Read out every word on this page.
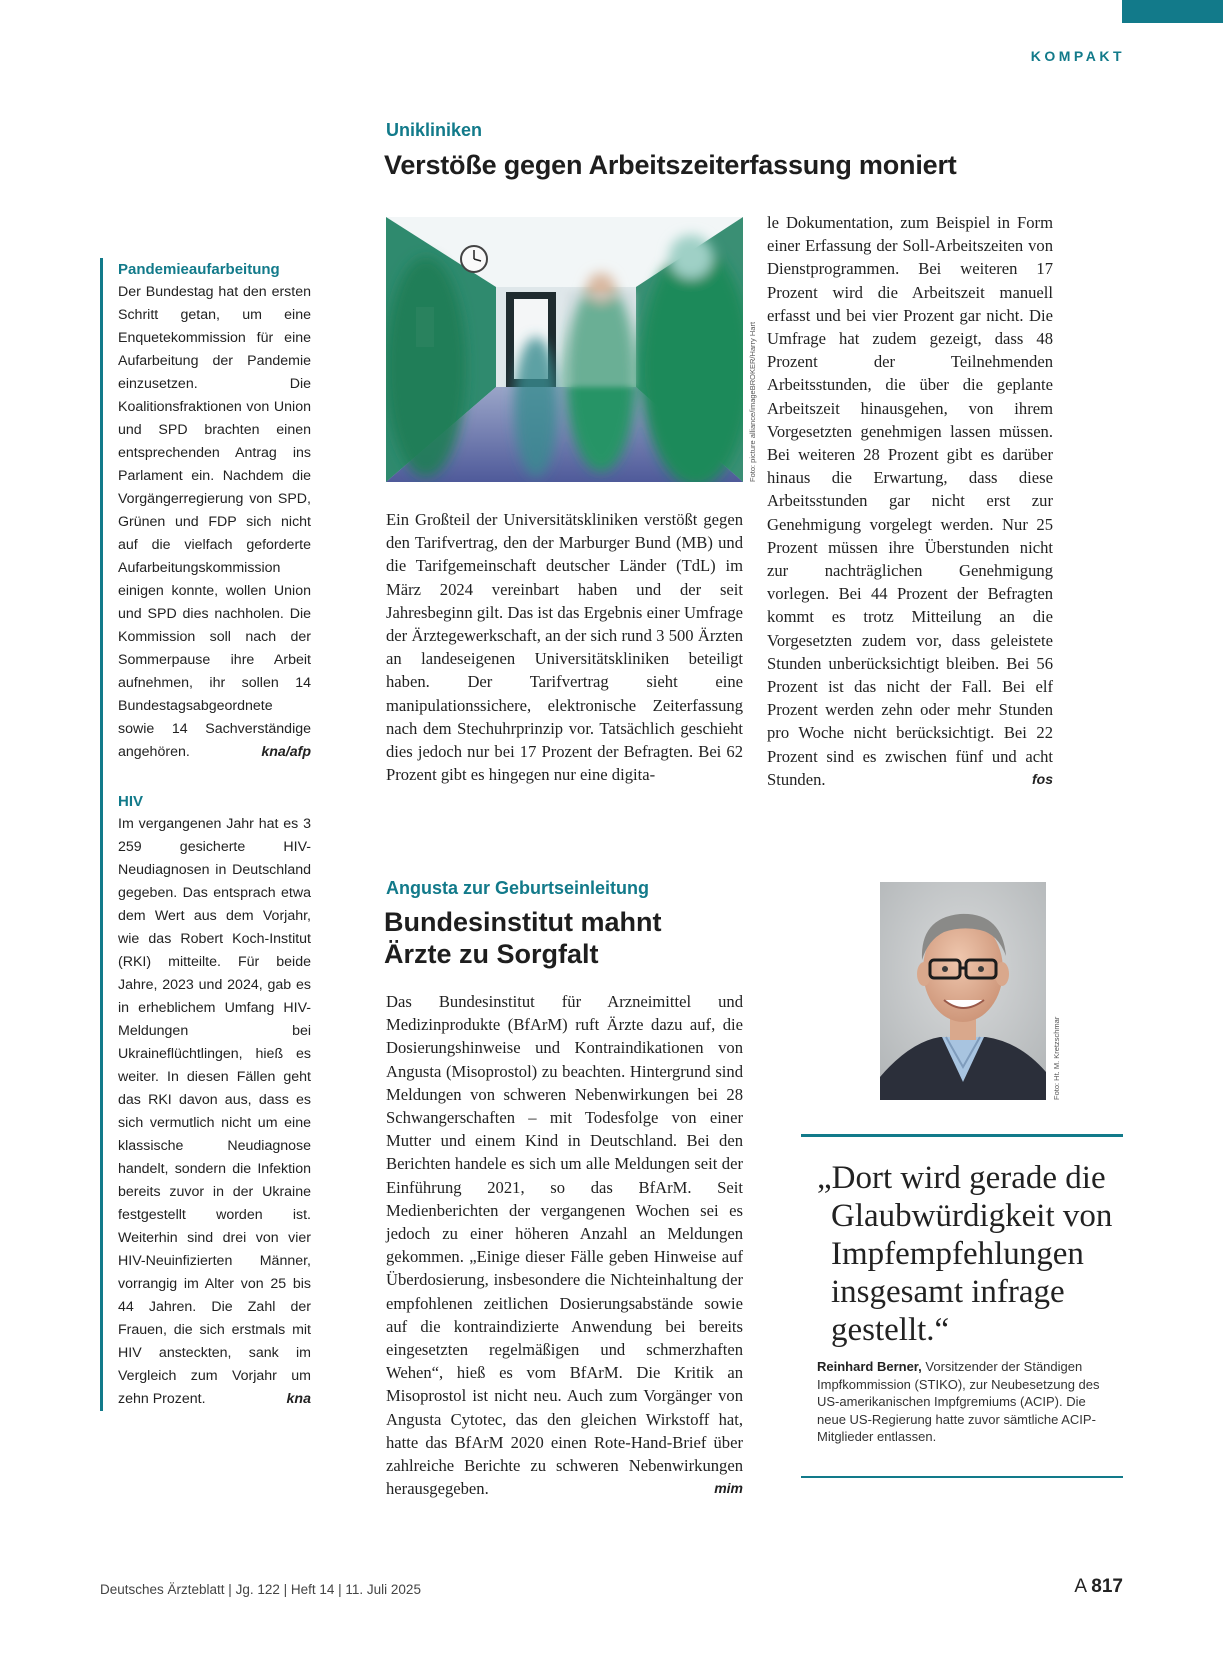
KOMPAKT
Pandemieaufarbeitung
Der Bundestag hat den ersten Schritt getan, um eine Enquetekommission für eine Aufarbeitung der Pandemie einzusetzen. Die Koalitionsfraktionen von Union und SPD brachten einen entsprechenden Antrag ins Parlament ein. Nachdem die Vorgängerregierung von SPD, Grünen und FDP sich nicht auf die vielfach geforderte Aufarbeitungskommission einigen konnte, wollen Union und SPD dies nachholen. Die Kommission soll nach der Sommerpause ihre Arbeit aufnehmen, ihr sollen 14 Bundestagsabgeordnete sowie 14 Sachverständige angehören.	kna/afp
HIV
Im vergangenen Jahr hat es 3 259 gesicherte HIV-Neudiagnosen in Deutschland gegeben. Das entsprach etwa dem Wert aus dem Vorjahr, wie das Robert Koch-Institut (RKI) mitteilte. Für beide Jahre, 2023 und 2024, gab es in erheblichem Umfang HIV-Meldungen bei Ukraineflüchtlingen, hieß es weiter. In diesen Fällen geht das RKI davon aus, dass es sich vermutlich nicht um eine klassische Neudiagnose handelt, sondern die Infektion bereits zuvor in der Ukraine festgestellt worden ist. Weiterhin sind drei von vier HIV-Neuinfizierten Männer, vorrangig im Alter von 25 bis 44 Jahren. Die Zahl der Frauen, die sich erstmals mit HIV ansteckten, sank im Vergleich zum Vorjahr um zehn Prozent.	kna
Unikliniken
Verstöße gegen Arbeitszeiterfassung moniert
Foto: picture alliance/imageBROKER/Harry Hart
Ein Großteil der Universitätskliniken verstößt gegen den Tarifvertrag, den der Marburger Bund (MB) und die Tarifgemeinschaft deutscher Länder (TdL) im März 2024 vereinbart haben und der seit Jahresbeginn gilt. Das ist das Ergebnis einer Umfrage der Ärztegewerkschaft, an der sich rund 3 500 Ärzten an landeseigenen Universitätskliniken beteiligt haben. Der Tarifvertrag sieht eine manipulationssichere, elektronische Zeiterfassung nach dem Stechuhrprinzip vor. Tatsächlich geschieht dies jedoch nur bei 17 Prozent der Befragten. Bei 62 Prozent gibt es hingegen nur eine digita-
le Dokumentation, zum Beispiel in Form einer Erfassung der Soll-Arbeitszeiten von Dienstprogrammen. Bei weiteren 17 Prozent wird die Arbeitszeit manuell erfasst und bei vier Prozent gar nicht. Die Umfrage hat zudem gezeigt, dass 48 Prozent der Teilnehmenden Arbeitsstunden, die über die geplante Arbeitszeit hinausgehen, von ihrem Vorgesetzten genehmigen lassen müssen. Bei weiteren 28 Prozent gibt es darüber hinaus die Erwartung, dass diese Arbeitsstunden gar nicht erst zur Genehmigung vorgelegt werden. Nur 25 Prozent müssen ihre Überstunden nicht zur nachträglichen Genehmigung vorlegen. Bei 44 Prozent der Befragten kommt es trotz Mitteilung an die Vorgesetzten zudem vor, dass geleistete Stunden unberücksichtigt bleiben. Bei 56 Prozent ist das nicht der Fall. Bei elf Prozent werden zehn oder mehr Stunden pro Woche nicht berücksichtigt. Bei 22 Prozent sind es zwischen fünf und acht Stunden.	fos
Angusta zur Geburtseinleitung
Bundesinstitut mahnt
Ärzte zu Sorgfalt
Das Bundesinstitut für Arzneimittel und Medizinprodukte (BfArM) ruft Ärzte dazu auf, die Dosierungshinweise und Kontraindikationen von Angusta (Misoprostol) zu beachten. Hintergrund sind Meldungen von schweren Nebenwirkungen bei 28 Schwangerschaften – mit Todesfolge von einer Mutter und einem Kind in Deutschland. Bei den Berichten handele es sich um alle Meldungen seit der Einführung 2021, so das BfArM. Seit Medienberichten der vergangenen Wochen sei es jedoch zu einer höheren Anzahl an Meldungen gekommen. „Einige dieser Fälle geben Hinweise auf Überdosierung, insbesondere die Nichteinhaltung der empfohlenen zeitlichen Dosierungsabstände sowie auf die kontraindizierte Anwendung bei bereits eingesetzten regelmäßigen und schmerzhaften Wehen“, hieß es vom BfArM. Die Kritik an Misoprostol ist nicht neu. Auch zum Vorgänger von Angusta Cytotec, das den gleichen Wirkstoff hat, hatte das BfArM 2020 einen Rote-Hand-Brief über zahlreiche Berichte zu schweren Nebenwirkungen herausgegeben.	mim
Foto: Ht. M. Kretzschmar
„Dort wird gerade die
Glaubwürdigkeit von
Impfempfehlungen
insgesamt infrage
gestellt.“
Reinhard Berner, Vorsitzender der Ständigen Impfkommission (STIKO), zur Neubesetzung des US-amerikanischen Impfgremiums (ACIP). Die neue US-Regierung hatte zuvor sämtliche ACIP-Mitglieder entlassen.
Deutsches Ärzteblatt | Jg. 122 | Heft 14 | 11. Juli 2025	A 817
